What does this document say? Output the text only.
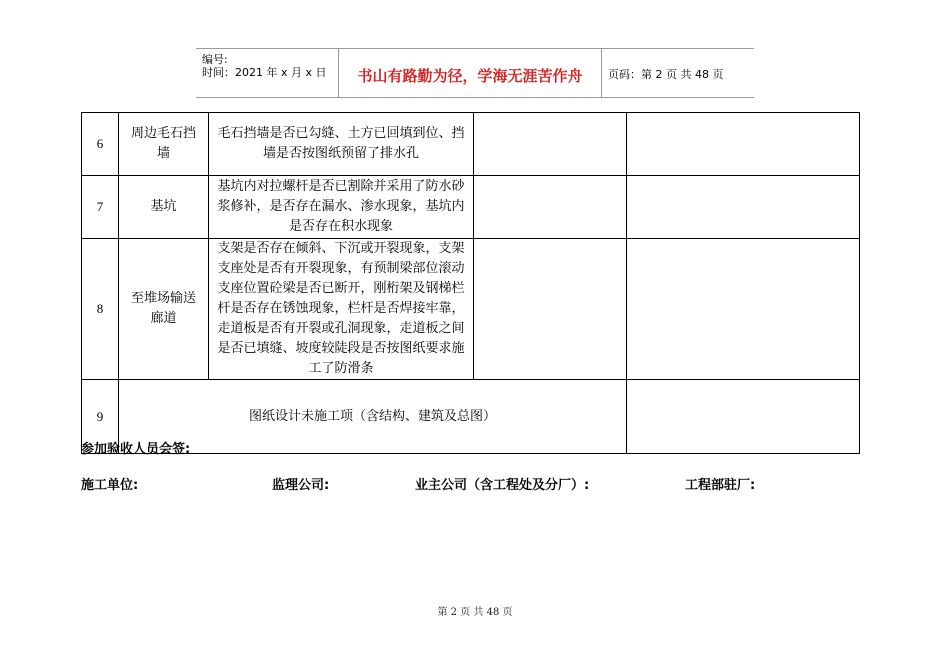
编号:
时间：2021 年 x 月 x 日	书山有路勤为径，学海无涯苦作舟	页码：第 2 页 共 48 页
6	周边毛石挡墙	毛石挡墙是否已勾缝、土方已回填到位、挡墙是否按图纸预留了排水孔		
7	基坑	基坑内对拉螺杆是否已割除并采用了防水砂浆修补，是否存在漏水、渗水现象，基坑内是否存在积水现象		
8	至堆场输送廊道	支架是否存在倾斜、下沉或开裂现象，支架支座处是否有开裂现象，有预制梁部位滚动支座位置砼梁是否已断开，刚桁架及钢梯栏杆是否存在锈蚀现象，栏杆是否焊接牢靠，走道板是否有开裂或孔洞现象，走道板之间是否已填缝、坡度较陡段是否按图纸要求施工了防滑条		
9	图纸设计未施工项（含结构、建筑及总图）			
参加验收人员会签:
施工单位:	监理公司:	业主公司（含工程处及分厂）:	工程部驻厂:
第 2 页 共 48 页
